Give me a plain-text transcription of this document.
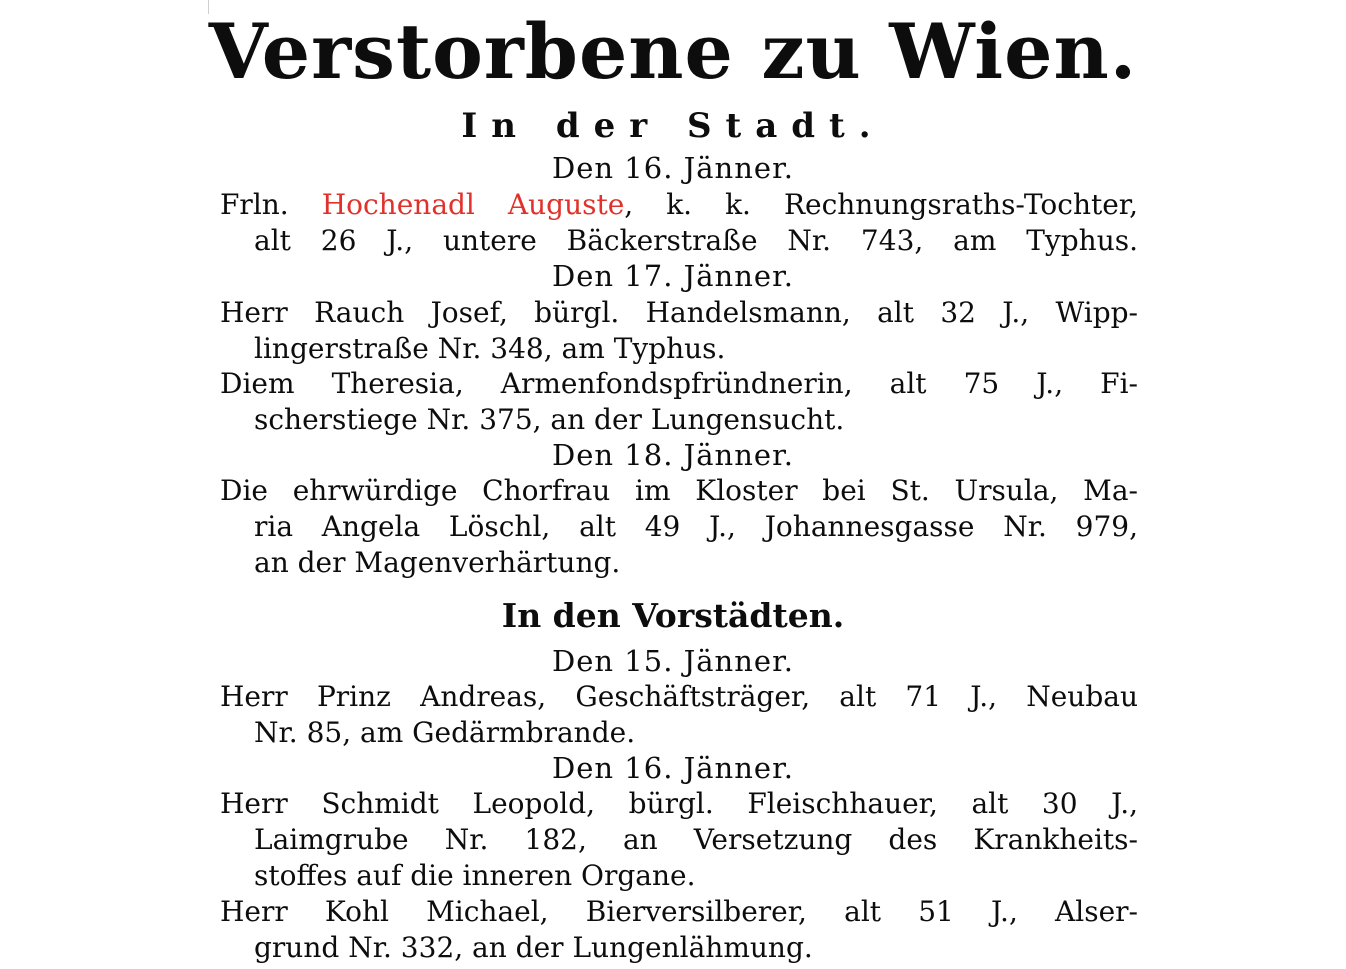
Verstorbene zu Wien.
In der Stadt.
Den 16. Jänner.
Frln. Hochenadl Auguste, k. k. Rechnungsraths-Tochter,
alt 26 J., untere Bäckerstraße Nr. 743, am Typhus.
Den 17. Jänner.
Herr Rauch Josef, bürgl. Handelsmann, alt 32 J., Wipp-
lingerstraße Nr. 348, am Typhus.
Diem Theresia, Armenfondspfründnerin, alt 75 J., Fi-
scherstiege Nr. 375, an der Lungensucht.
Den 18. Jänner.
Die ehrwürdige Chorfrau im Kloster bei St. Ursula, Ma-
ria Angela Löschl, alt 49 J., Johannesgasse Nr. 979,
an der Magenverhärtung.
In den Vorstädten.
Den 15. Jänner.
Herr Prinz Andreas, Geschäftsträger, alt 71 J., Neubau
Nr. 85, am Gedärmbrande.
Den 16. Jänner.
Herr Schmidt Leopold, bürgl. Fleischhauer, alt 30 J.,
Laimgrube Nr. 182, an Versetzung des Krankheits-
stoffes auf die inneren Organe.
Herr Kohl Michael, Bierversilberer, alt 51 J., Alser-
grund Nr. 332, an der Lungenlähmung.
